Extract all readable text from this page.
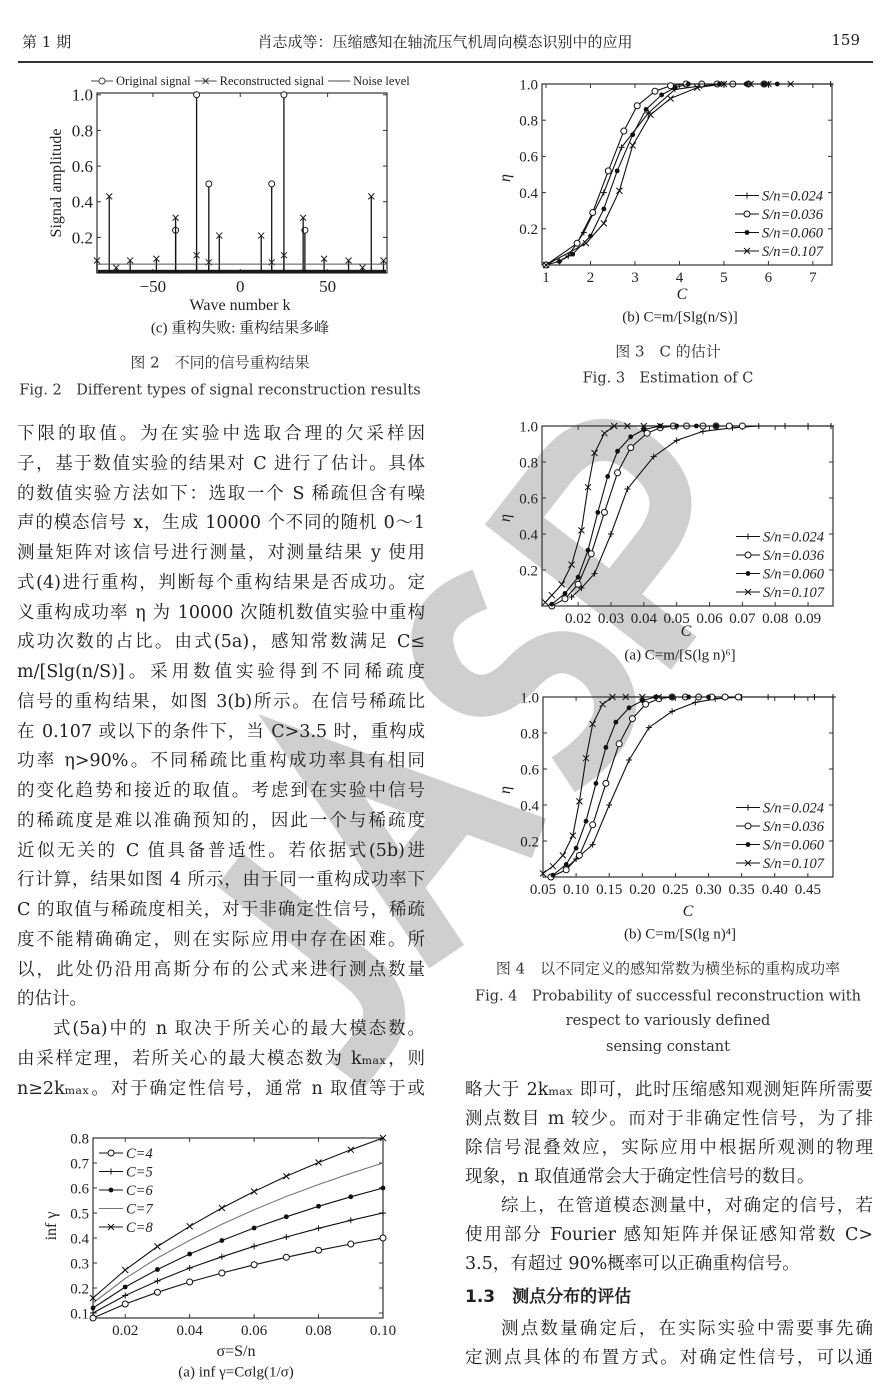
第 1 期	肖志成等：压缩感知在轴流压气机周向模态识别中的应用	159
−50	0	50
0.2
0.4
0.6
0.8
1.0
Original signal Reconstructed signal Noise level
1 2 3 4 5 6 7
0.2
0.4
0.6
0.8
1.0
S/n=0.024
S/n=0.036
S/n=0.060
S/n=0.107
0.02 0.03 0.04 0.05 0.06 0.07 0.08 0.09
0.2
0.4
0.6
0.8
1.0
S/n=0.024
S/n=0.036
S/n=0.060
S/n=0.107
0.05 0.10 0.15 0.20 0.25 0.30 0.35 0.40 0.45
0.2
0.4
0.6
0.8
1.0
S/n=0.024
S/n=0.036
S/n=0.060
S/n=0.107
0.02	0.04	0.06	0.08	0.10
0.1
0.2
0.3
0.4
0.5
0.6
0.7
0.8
C=4
C=5
C=6
C=7
C=8
Signal amplitude
Wave number k
(c) 重构失败: 重构结果多峰
图 2　不同的信号重构结果
Fig. 2　Different types of signal reconstruction results
η
C
(b) C=m/[Slg(n/S)]
图 3　C 的估计
Fig. 3　Estimation of C
η
C
(a) C=m/[S(lg n)⁶]
η
C
(b) C=m/[S(lg n)⁴]
图 4　以不同定义的感知常数为横坐标的重构成功率
Fig. 4　Probability of successful reconstruction with
respect to variously defined
sensing constant
inf γ
σ=S/n
(a) inf γ=Cσlg(1/σ)
下限的取值。为在实验中选取合理的欠采样因
子，基于数值实验的结果对 C 进行了估计。具体
的数值实验方法如下：选取一个 S 稀疏但含有噪
声的模态信号 x，生成 10000 个不同的随机 0～1
测量矩阵对该信号进行测量，对测量结果 y 使用
式(4)进行重构，判断每个重构结果是否成功。定
义重构成功率 η 为 10000 次随机数值实验中重构
成功次数的占比。由式(5a)，感知常数满足 C≤
m/[Slg(n/S)]。采用数值实验得到不同稀疏度
信号的重构结果，如图 3(b)所示。在信号稀疏比
在 0.107 或以下的条件下，当 C>3.5 时，重构成
功率 η>90%。不同稀疏比重构成功率具有相同
的变化趋势和接近的取值。考虑到在实验中信号
的稀疏度是难以准确预知的，因此一个与稀疏度
近似无关的 C 值具备普适性。若依据式(5b)进
行计算，结果如图 4 所示，由于同一重构成功率下
C 的取值与稀疏度相关，对于非确定性信号，稀疏
度不能精确确定，则在实际应用中存在困难。所
以，此处仍沿用高斯分布的公式来进行测点数量
的估计。
式(5a)中的 n 取决于所关心的最大模态数。
由采样定理，若所关心的最大模态数为 kₘₐₓ，则
n≥2kₘₐₓ。对于确定性信号，通常 n 取值等于或 略大于 2kₘₐₓ 即可，此时压缩感知观测矩阵所需要
测点数目 m 较少。而对于非确定性信号，为了排
除信号混叠效应，实际应用中根据所观测的物理
现象，n 取值通常会大于确定性信号的数目。
综上，在管道模态测量中，对确定的信号，若
使用部分 Fourier 感知矩阵并保证感知常数 C>
3.5，有超过 90%概率可以正确重构信号。
1.3　测点分布的评估
测点数量确定后，在实际实验中需要事先确
定测点具体的布置方式。对确定性信号，可以通
